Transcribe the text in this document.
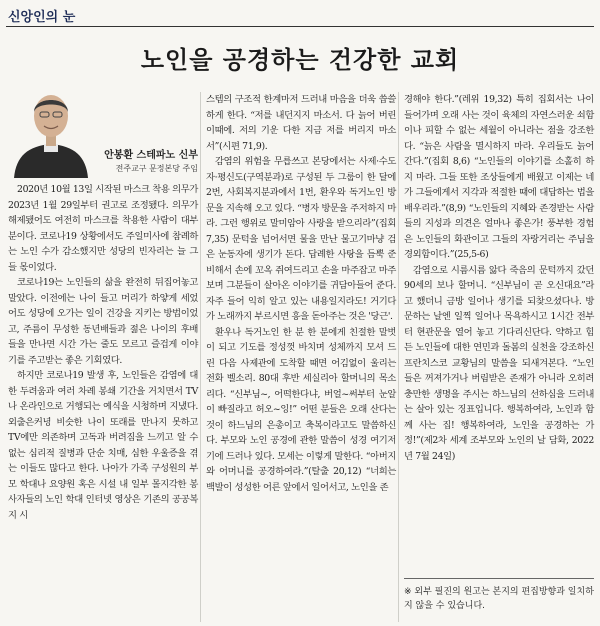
신앙인의 눈
노인을 공경하는 건강한 교회
안봉환 스테파노 신부
전주교구 문정본당 주임

2020년 10월 13일 시작된 마스크 착용 의무가 2023년 1월 29일부터 권고로 조정됐다. 의무가 해제됐어도 여전히 마스크를 착용한 사람이 대부분이다. 코로나19 상황에서도 주일미사에 참례하는 노인 수가 감소했지만 성당의 빈자리는 늘 그들 몫이었다.

코로나19는 노인들의 삶을 완전히 뒤집어놓고 말았다. 이전에는 나이 들고 머리가 하얗게 세었어도 성당에 오가는 일이 건강을 지키는 방법이었고, 주름이 무성한 동년배들과 젊은 나이의 후배들을 만나면 시간 가는 줄도 모르고 즐겁게 이야기를 주고받는 좋은 기회였다.

하지만 코로나19 발생 후, 노인들은 감염에 대한 두려움과 여러 차례 봉쇄 기간을 거치면서 TV나 온라인으로 거행되는 예식을 시청하며 지냈다. 외출은커녕 비슷한 나이 또래를 만나지 못하고 TV에만 의존하며 고독과 버려짐을 느끼고 알 수 없는 심리적 질병과 단순 치매, 심한 우울증을 겪는 이들도 많다고 한다. 나아가 가족 구성원의 부모 학대나 요양원 혹은 시설 내 일부 몰지각한 봉사자들의 노인 학대 인터넷 영상은 기존의 공공복지 시

스템의 구조적 한계마저 드러내 마음을 더욱 씁쓸하게 한다. “저를 내던지지 마소서. 다 늙어 버린 이때에. 저의 기운 다한 지금 저를 버리지 마소서”(시편 71,9).

감염의 위험을 무릅쓰고 본당에서는 사제·수도자·평신도(구역분과)로 구성된 두 그룹이 한 달에 2번, 사회복지분과에서 1번, 환우와 독거노인 방문을 지속해 오고 있다. “병자 방문을 주저하지 마라. 그런 행위로 말미암아 사랑을 받으리라”(집회 7,35) 문턱을 넘어서면 물을 만난 물고기마냥 검은 눈동자에 생기가 돈다. 답례한 사탕을 듬뿍 준비해서 손에 꼬옥 쥐여드리고 손을 마주잡고 마주보며 그분들이 살아온 이야기를 귀담아들어 준다. 자주 들어 익히 알고 있는 내용일지라도! 거기다가 노래까지 부르시면 흥을 돋아주는 것은 '당근'.

환우나 독거노인 한 분 한 분에게 친절한 말벗이 되고 기도를 정성껏 바치며 성체까지 모셔 드린 다음 사제관에 도착할 때면 어김없이 울리는 전화 벨소리. 80대 후반 세실리아 할머니의 목소리다. “신부님~, 어떡한다냐, 버얼~써부터 눈알이 빠질라고 허오~잉!” 어떤 분들은 오래 산다는 것이 하느님의 은총이고 축복이라고도 말씀하신다. 부모와 노인 공경에 관한 말씀이 성경 여기저기에 드러나 있다. 모세는 이렇게 말한다. “아버지와 어머니를 공경하여라.”(탈출 20,12) “너희는 백발이 성성한 어른 앞에서 일어서고, 노인을 존

경해야 한다.”(레위 19,32) 특히 집회서는 나이 들어가며 오래 사는 것이 육체의 자연스러운 쇠함이나 피할 수 없는 세월이 아니라는 점을 강조한다. “늙은 사람을 멸시하지 마라. 우리들도 늙어 간다.”(집회 8,6) “노인들의 이야기를 소홀히 하지 마라. 그들 또한 조상들에게 배웠고 이제는 네가 그들에게서 지각과 적절한 때에 대답하는 법을 배우리라.”(8,9) “노인들의 지혜와 존경받는 사람들의 지성과 의견은 얼마나 좋은가! 풍부한 경험은 노인들의 화관이고 그들의 자랑거리는 주님을 경외함이다.”(25,5-6)

감염으로 시름시름 앓다 죽음의 문턱까지 갔던 90세의 보나 할머니. “신부님이 곧 오신대요”라고 했더니 금방 일어나 생기를 되찾으셨다나. 방문하는 날엔 일찍 일어나 목욕하시고 1시간 전부터 현관문을 열어 놓고 기다리신단다. 약하고 힘든 노인들에 대한 연민과 돌봄의 실천을 강조하신 프란치스코 교황님의 말씀을 되새겨본다. “노인들은 꺼져가거나 버림받은 존재가 아니라 오히려 충만한 생명을 주시는 하느님의 선하심을 드러내는 살아 있는 징표입니다. 행복하여라, 노인과 함께 사는 집! 행복하여라, 노인을 공경하는 가정!”(제2차 세계 조부모와 노인의 날 담화, 2022년 7월 24일)

※ 외부 필진의 원고는 본지의 편집방향과 일치하지 않을 수 있습니다.
